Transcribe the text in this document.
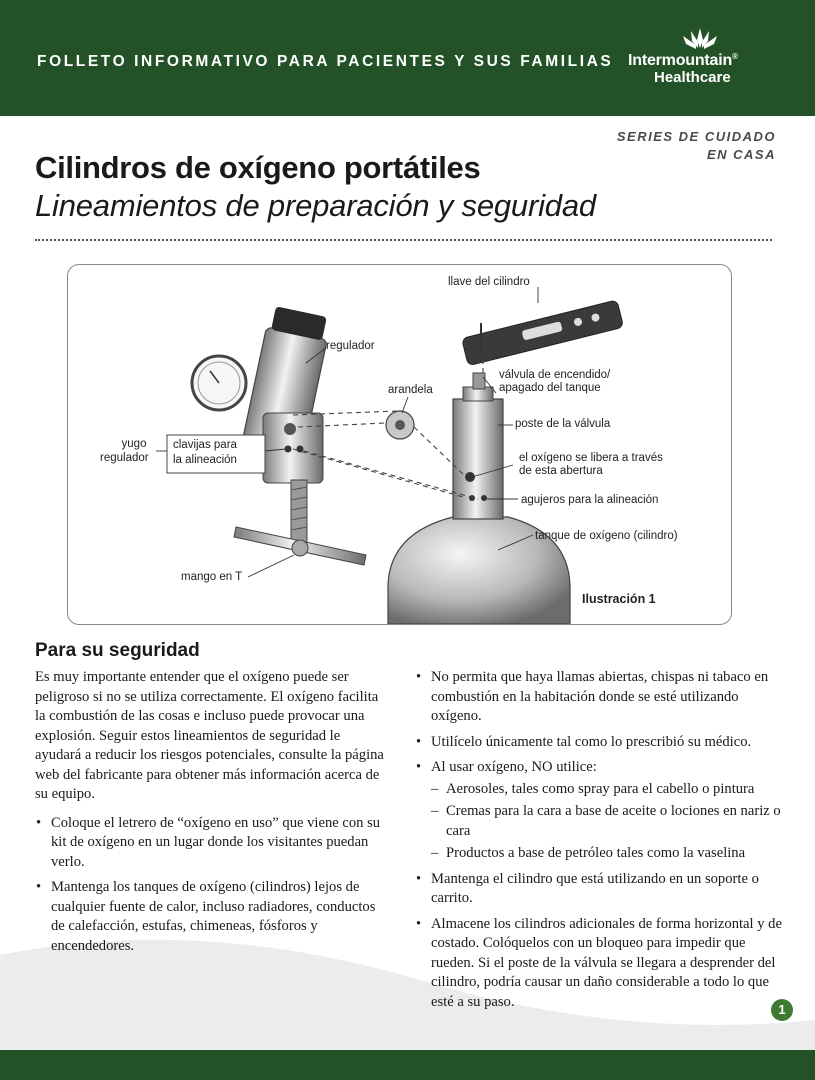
FOLLETO INFORMATIVO PARA PACIENTES Y SUS FAMILIAS Intermountain®
Healthcare
SERIES DE CUIDADO
EN CASA
Cilindros de oxígeno portátiles
Lineamientos de preparación y seguridad
llave del cilindro
regulador
válvula de encendido/
apagado del tanque
arandela
poste de la válvula
yugo
regulador
clavijas para
la alineación	el oxígeno se libera a través
de esta abertura
agujeros para la alineación
tanque de oxígeno (cilindro)
mango en T
Ilustración 1
Para su seguridad

Es muy importante entender que el oxígeno puede ser peligroso si no se utiliza correctamente. El oxígeno facilita la combustión de las cosas e incluso puede provocar una explosión. Seguir estos lineamientos de seguridad le ayudará a reducir los riesgos potenciales, consulte la página web del fabricante para obtener más información acerca de su equipo.

• Coloque el letrero de “oxígeno en uso” que viene con su kit de oxígeno en un lugar donde los visitantes puedan verlo.
• Mantenga los tanques de oxígeno (cilindros) lejos de cualquier fuente de calor, incluso radiadores, conductos de calefacción, estufas, chimeneas, fósforos y encendedores.
• No permita que haya llamas abiertas, chispas ni tabaco en combustión en la habitación donde se esté utilizando oxígeno.
• Utilícelo únicamente tal como lo prescribió su médico.
• Al usar oxígeno, NO utilice:
– Aerosoles, tales como spray para el cabello o pintura
– Cremas para la cara a base de aceite o lociones en nariz o cara
– Productos a base de petróleo tales como la vaselina
• Mantenga el cilindro que está utilizando en un soporte o carrito.
• Almacene los cilindros adicionales de forma horizontal y de costado. Colóquelos con un bloqueo para impedir que rueden. Si el poste de la válvula se llegara a desprender del cilindro, podría causar un daño considerable a todo lo que esté a su paso.	1
